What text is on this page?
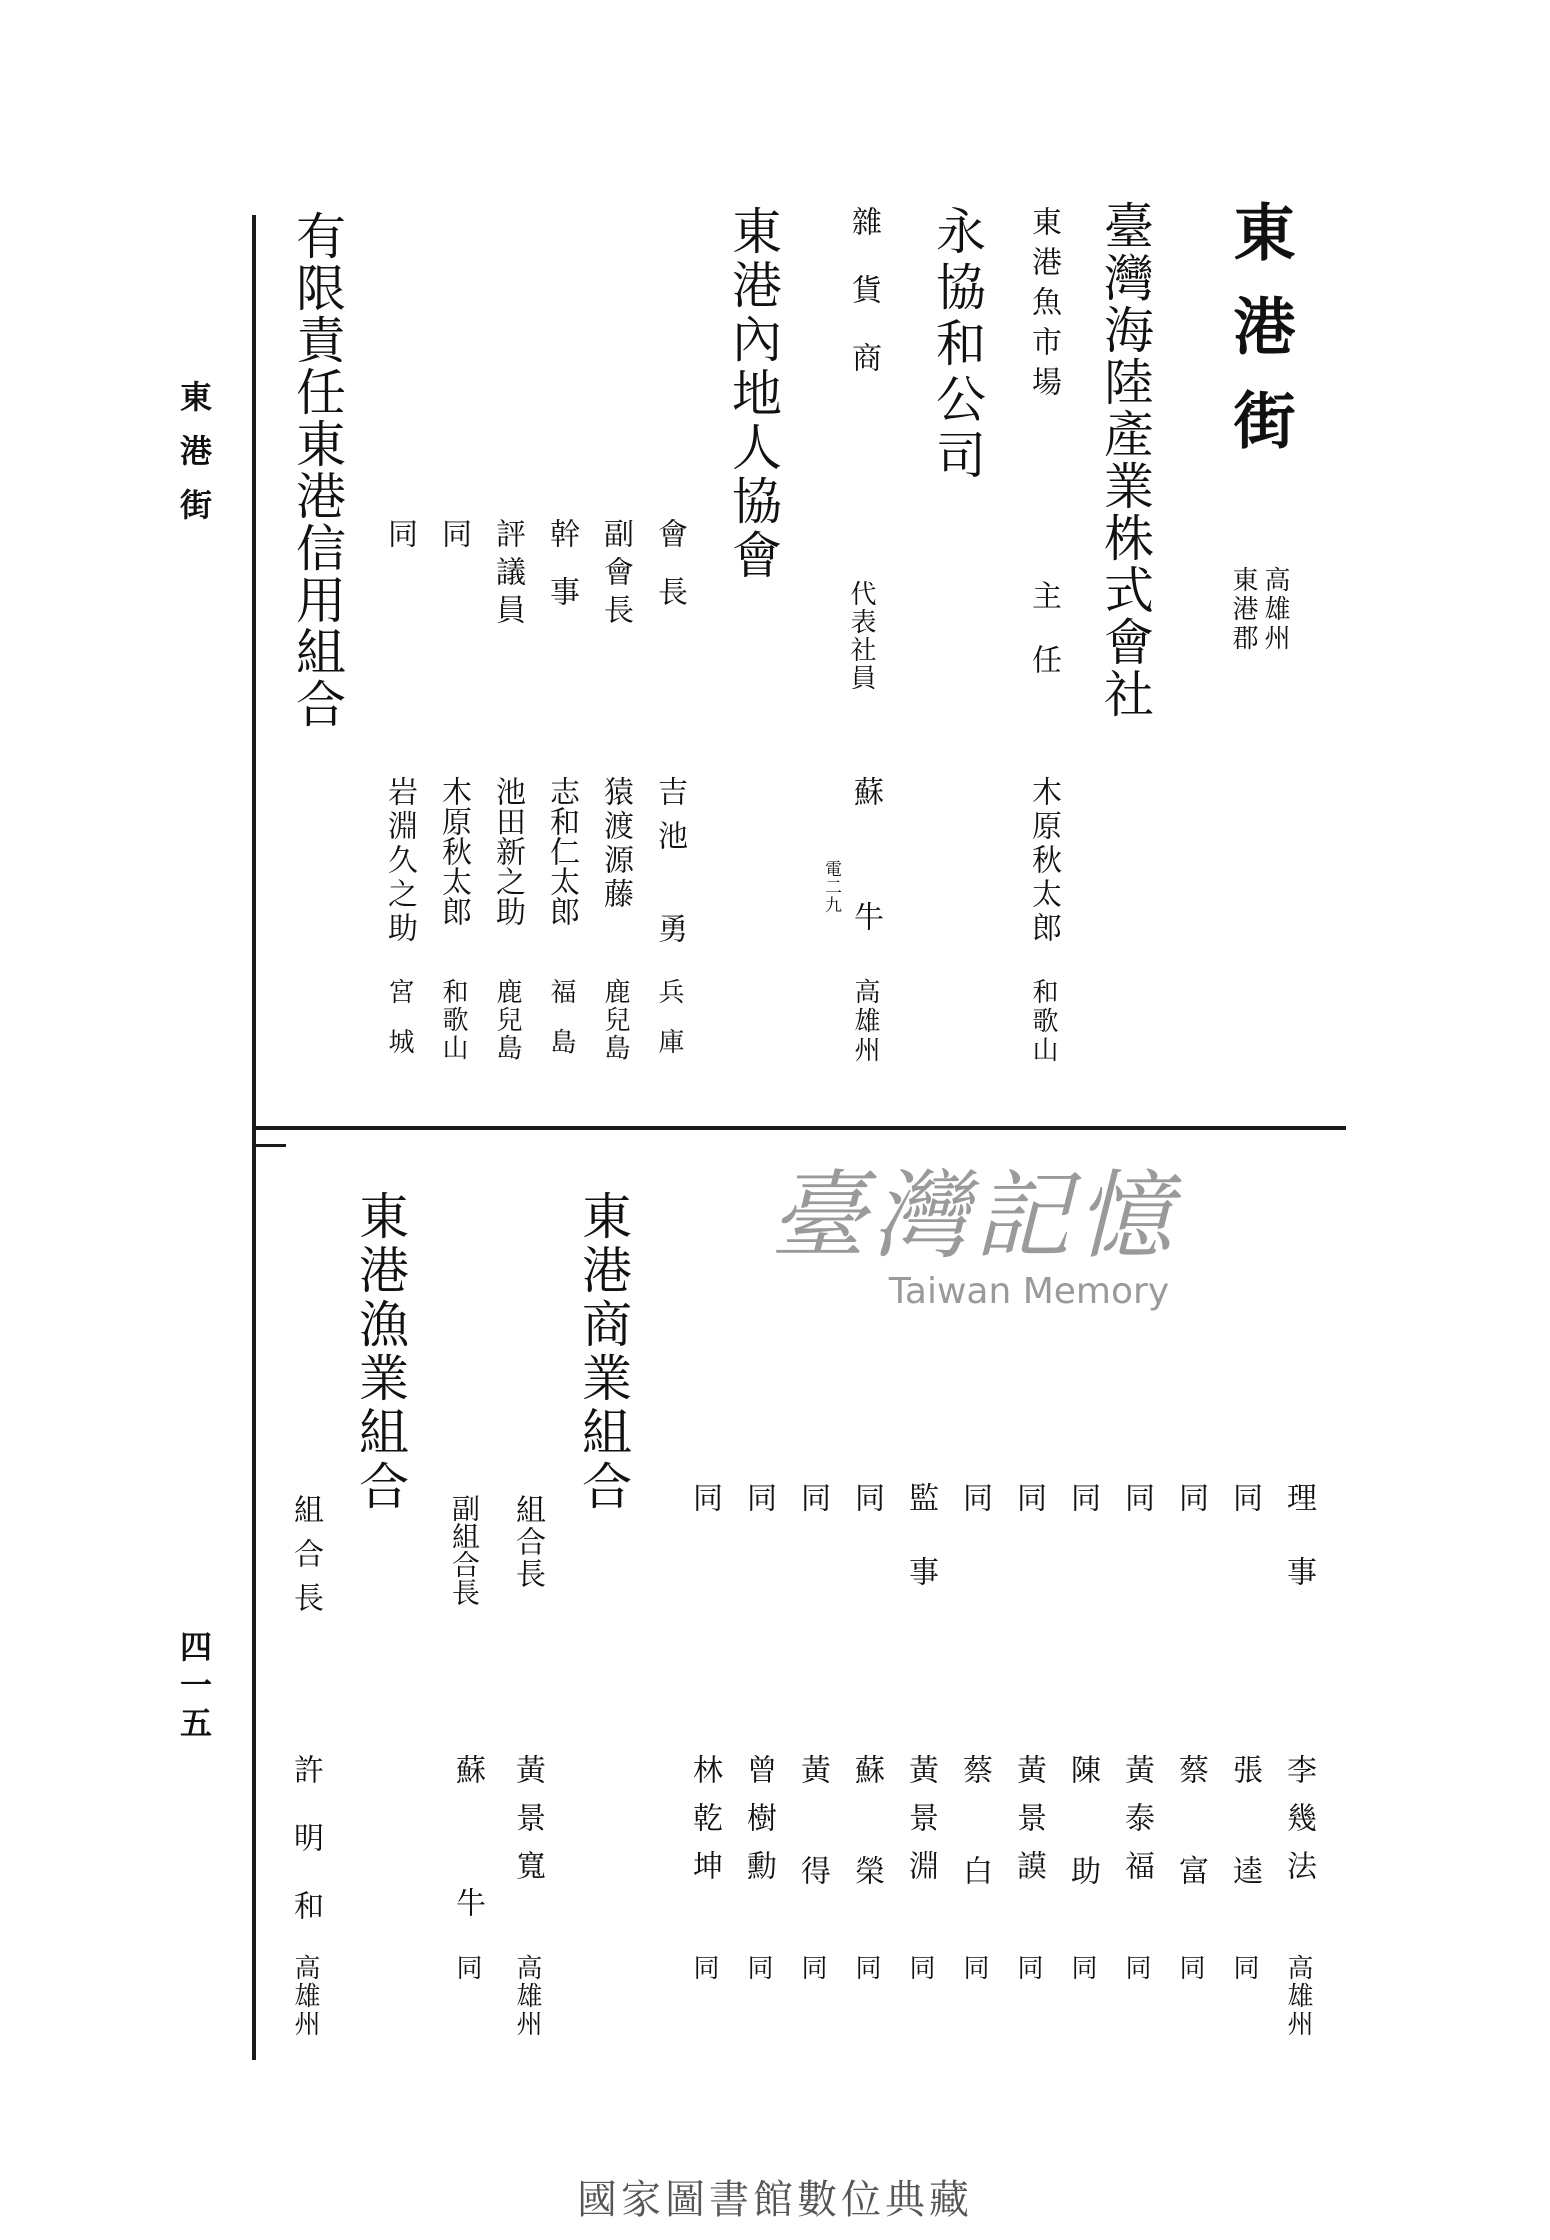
東港街
四一五
東港街
高雄州
東港郡
臺灣海陸產業株式會社
東港魚市場
主任
木原秋太郎
和歌山
永協和公司
雜貨商
代表社員
蘇 牛
電二九
高雄州
東港內地人協會
會長
吉池 勇
兵庫
副會長
猿渡源藤
鹿兒島
幹事
志和仁太郎
福島
評議員
池田新之助
鹿兒島
同
木原秋太郎
和歌山
同
岩淵久之助
宮城
有限責任東港信用組合
理事
李幾法
高雄州
同
張 逵
同
同
蔡 富
同
同
黃泰福
同
同
陳 助
同
同
黃景謨
同
同
蔡 白
同
監事
黃景淵
同
同
蘇 榮
同
同
黃 得
同
同
曾樹勳
同
同
林乾坤
同
東港商業組合
組合長
黃景寬
高雄州
副組合長
蘇 牛
同
東港漁業組合
組合長
許明和
高雄州
臺灣記憶
Taiwan Memory
國家圖書館數位典藏
